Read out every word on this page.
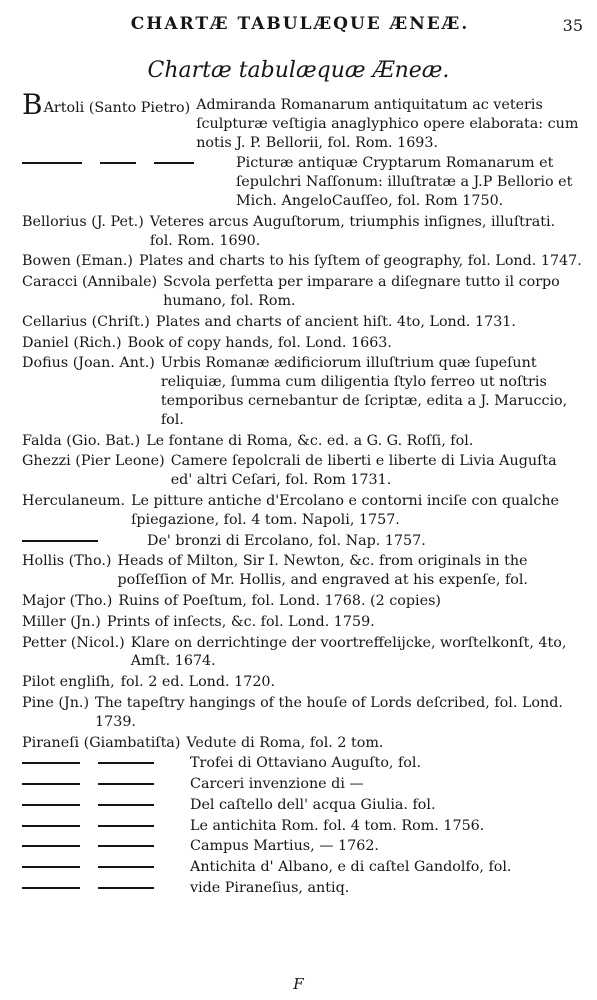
CHARTÆ TABULÆQUE ÆNEÆ.	35
Chartæ tabulæquæ Æneæ.
BArtoli (Santo Pietro) Admiranda Romanarum antiquitatum ac veteris ſculpturæ veſtigia anaglyphico opere elaborata: cum notis J. P. Bellorii, fol. Rom. 1693.
Picturæ antiquæ Cryptarum Romanarum et ſepulchri Naſſonum: illuſtratæ a J.P Bellorio et Mich. AngeloCauſſeo, fol. Rom 1750.
Bellorius (J. Pet.) Veteres arcus Auguſtorum, triumphis inſignes, illuſtrati. fol. Rom. 1690.
Bowen (Eman.) Plates and charts to his ſyſtem of geography, fol. Lond. 1747.
Caracci (Annibale) Scvola perfetta per imparare a diſegnare tutto il corpo humano, fol. Rom.
Cellarius (Chriſt.) Plates and charts of ancient hiſt. 4to, Lond. 1731.
Daniel (Rich.) Book of copy hands, fol. Lond. 1663.
Dofius (Joan. Ant.) Urbis Romanæ ædificiorum illuſtrium quæ ſupeſunt reliquiæ, ſumma cum diligentia ſtylo ferreo ut noſtris temporibus cernebantur de ſcriptæ, edita a J. Maruccio, fol.
Falda (Gio. Bat.) Le fontane di Roma, &c. ed. a G. G. Roſſi, fol.
Ghezzi (Pier Leone) Camere ſepolcrali de liberti e liberte di Livia Auguſta ed' altri Ceſari, fol. Rom 1731.
Herculaneum. Le pitture antiche d'Ercolano e contorni inciſe con qualche ſpiegazione, fol. 4 tom. Napoli, 1757.
De' bronzi di Ercolano, fol. Nap. 1757.
Hollis (Tho.) Heads of Milton, Sir I. Newton, &c. from originals in the poſſeſſion of Mr. Hollis, and engraved at his expenſe, fol.
Major (Tho.) Ruins of Poeſtum, fol. Lond. 1768. (2 copies)
Miller (Jn.) Prints of inſects, &c. fol. Lond. 1759.
Petter (Nicol.) Klare on derrichtinge der voortreffelijcke, worſtelkonſt, 4to, Amſt. 1674.
Pilot engliſh, fol. 2 ed. Lond. 1720.
Pine (Jn.) The tapeſtry hangings of the houſe of Lords deſcribed, fol. Lond. 1739.
Piraneſi (Giambatiſta) Vedute di Roma, fol. 2 tom.
Trofei di Ottaviano Auguſto, fol.
Carceri invenzione di —
Del caſtello dell' acqua Giulia. fol.
Le antichita Rom. fol. 4 tom. Rom. 1756.
Campus Martius, — 1762.
Antichita d' Albano, e di caſtel Gandolfo, fol.
vide Piraneſius, antiq.
F
